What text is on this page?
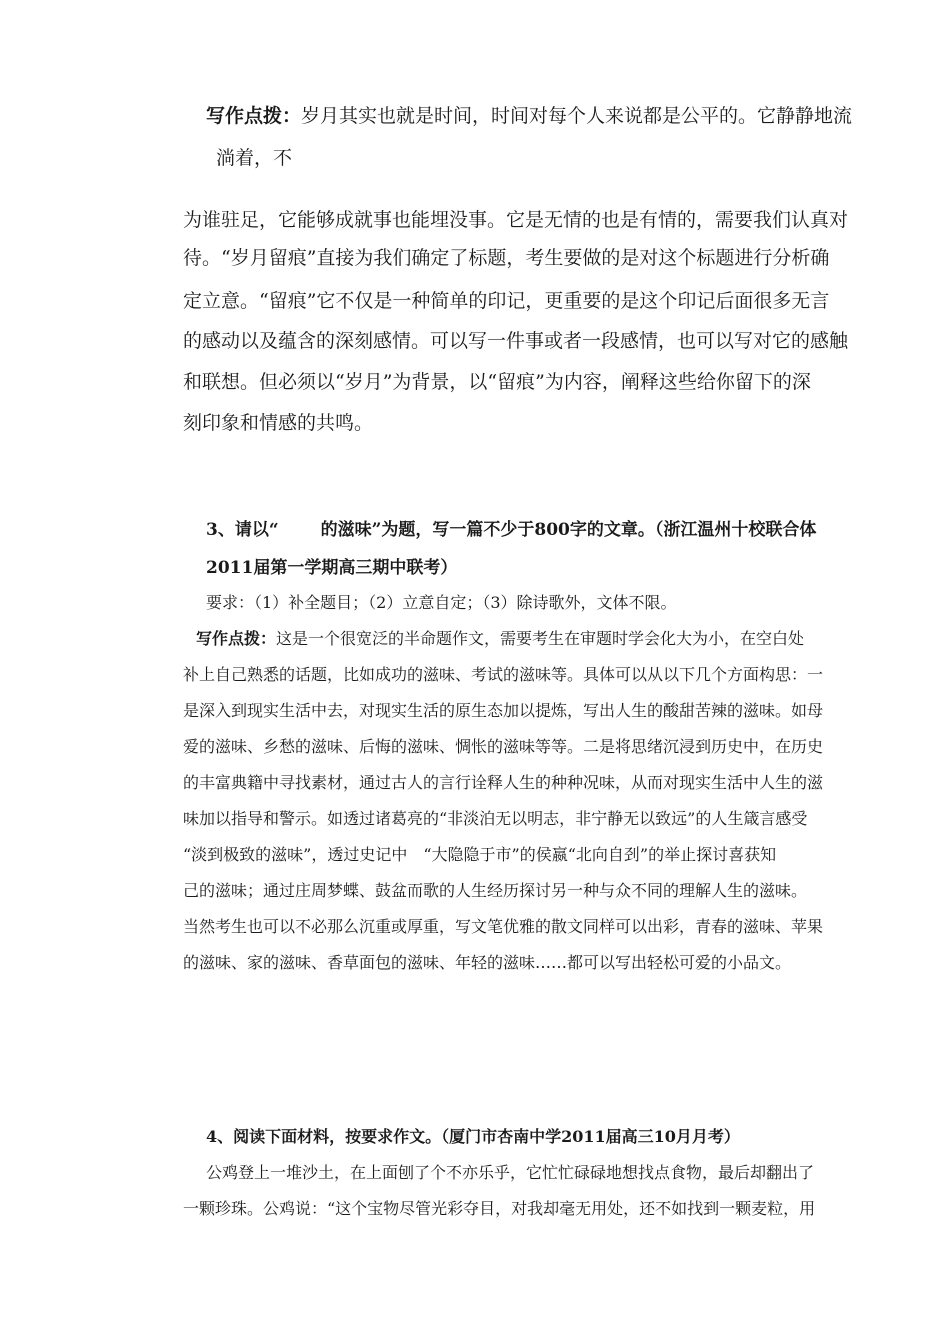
写作点拨：岁月其实也就是时间，时间对每个人来说都是公平的。它静静地流
淌着，不
为谁驻足，它能够成就事也能埋没事。它是无情的也是有情的，需要我们认真对
待。“岁月留痕”直接为我们确定了标题，考生要做的是对这个标题进行分析确
定立意。“留痕”它不仅是一种简单的印记，更重要的是这个印记后面很多无言
的感动以及蕴含的深刻感情。可以写一件事或者一段感情，也可以写对它的感触
和联想。但必须以“岁月”为背景，以“留痕”为内容，阐释这些给你留下的深
刻印象和情感的共鸣。
3、请以“ 的滋味”为题，写一篇不少于800字的文章。（浙江温州十校联合体
2011届第一学期高三期中联考）
要求：（1）补全题目；（2）立意自定；（3）除诗歌外，文体不限。
写作点拨：这是一个很宽泛的半命题作文，需要考生在审题时学会化大为小，在空白处
补上自己熟悉的话题，比如成功的滋味、考试的滋味等。具体可以从以下几个方面构思：一
是深入到现实生活中去，对现实生活的原生态加以提炼，写出人生的酸甜苦辣的滋味。如母
爱的滋味、乡愁的滋味、后悔的滋味、惆怅的滋味等等。二是将思绪沉浸到历史中，在历史
的丰富典籍中寻找素材，通过古人的言行诠释人生的种种况味，从而对现实生活中人生的滋
味加以指导和警示。如透过诸葛亮的“非淡泊无以明志，非宁静无以致远”的人生箴言感受
“淡到极致的滋味”，透过史记中　“大隐隐于市”的侯嬴“北向自刭”的举止探讨喜获知
己的滋味；通过庄周梦蝶、鼓盆而歌的人生经历探讨另一种与众不同的理解人生的滋味。
当然考生也可以不必那么沉重或厚重，写文笔优雅的散文同样可以出彩，青春的滋味、苹果
的滋味、家的滋味、香草面包的滋味、年轻的滋味……都可以写出轻松可爱的小品文。
4、阅读下面材料，按要求作文。（厦门市杏南中学2011届高三10月月考）
公鸡登上一堆沙土，在上面刨了个不亦乐乎，它忙忙碌碌地想找点食物，最后却翻出了
一颗珍珠。公鸡说：“这个宝物尽管光彩夺目，对我却毫无用处，还不如找到一颗麦粒，用
